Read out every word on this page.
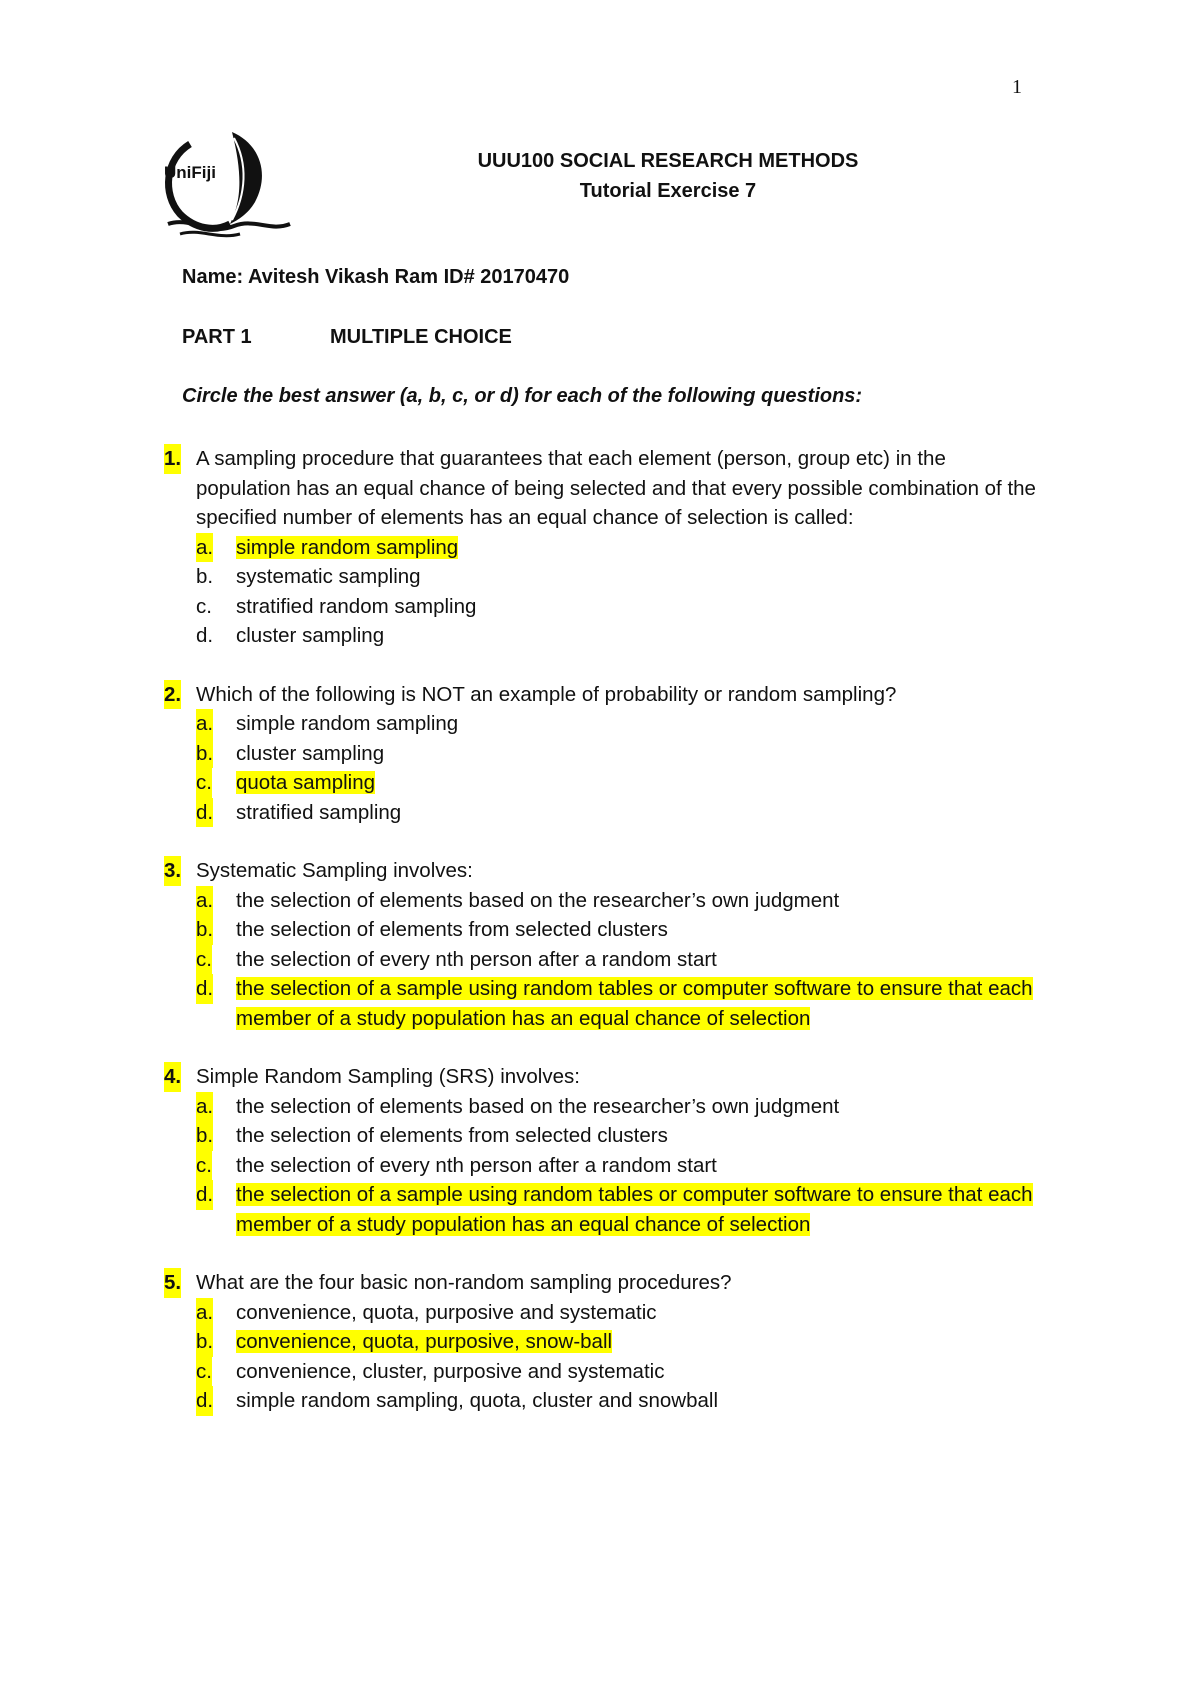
1
UniFiji
UUU100 SOCIAL RESEARCH METHODS
Tutorial Exercise 7
Name: Avitesh Vikash Ram ID# 20170470
PART 1	MULTIPLE CHOICE
Circle the best answer (a, b, c, or d) for each of the following questions:
1. A sampling procedure that guarantees that each element (person, group etc) in the population has an equal chance of being selected and that every possible combination of the specified number of elements has an equal chance of selection is called:
a. simple random sampling
b. systematic sampling
c. stratified random sampling
d. cluster sampling
2. Which of the following is NOT an example of probability or random sampling?
a. simple random sampling
b. cluster sampling
c. quota sampling
d. stratified sampling
3. Systematic Sampling involves:
a. the selection of elements based on the researcher’s own judgment
b. the selection of elements from selected clusters
c. the selection of every nth person after a random start
d. the selection of a sample using random tables or computer software to ensure that each member of a study population has an equal chance of selection
4. Simple Random Sampling (SRS) involves:
a. the selection of elements based on the researcher’s own judgment
b. the selection of elements from selected clusters
c. the selection of every nth person after a random start
d. the selection of a sample using random tables or computer software to ensure that each member of a study population has an equal chance of selection
5. What are the four basic non-random sampling procedures?
a. convenience, quota, purposive and systematic
b. convenience, quota, purposive, snow-ball
c. convenience, cluster, purposive and systematic
d. simple random sampling, quota, cluster and snowball
